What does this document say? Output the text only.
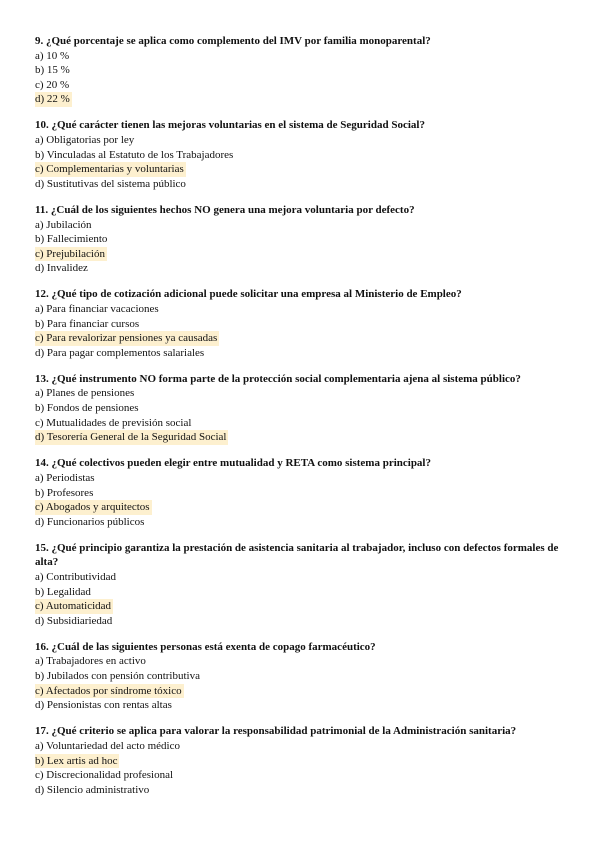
9. ¿Qué porcentaje se aplica como complemento del IMV por familia monoparental?

a) 10 %
b) 15 %
c) 20 %
d) 22 %

10. ¿Qué carácter tienen las mejoras voluntarias en el sistema de Seguridad Social?

a) Obligatorias por ley
b) Vinculadas al Estatuto de los Trabajadores
c) Complementarias y voluntarias
d) Sustitutivas del sistema público

11. ¿Cuál de los siguientes hechos NO genera una mejora voluntaria por defecto?

a) Jubilación
b) Fallecimiento
c) Prejubilación
d) Invalidez

12. ¿Qué tipo de cotización adicional puede solicitar una empresa al Ministerio de Empleo?

a) Para financiar vacaciones
b) Para financiar cursos
c) Para revalorizar pensiones ya causadas
d) Para pagar complementos salariales

13. ¿Qué instrumento NO forma parte de la protección social complementaria ajena al sistema público?

a) Planes de pensiones
b) Fondos de pensiones
c) Mutualidades de previsión social
d) Tesorería General de la Seguridad Social

14. ¿Qué colectivos pueden elegir entre mutualidad y RETA como sistema principal?

a) Periodistas
b) Profesores
c) Abogados y arquitectos
d) Funcionarios públicos

15. ¿Qué principio garantiza la prestación de asistencia sanitaria al trabajador, incluso con defectos formales de alta?

a) Contributividad
b) Legalidad
c) Automaticidad
d) Subsidiariedad

16. ¿Cuál de las siguientes personas está exenta de copago farmacéutico?

a) Trabajadores en activo
b) Jubilados con pensión contributiva
c) Afectados por síndrome tóxico
d) Pensionistas con rentas altas

17. ¿Qué criterio se aplica para valorar la responsabilidad patrimonial de la Administración sanitaria?

a) Voluntariedad del acto médico
b) Lex artis ad hoc
c) Discrecionalidad profesional
d) Silencio administrativo
